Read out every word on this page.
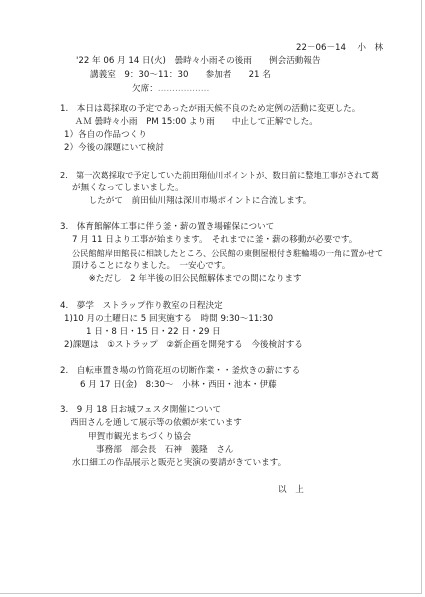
22－06－14　 小　林
'22 年 06 月 14 日(火)　曇時々小雨その後雨　　例会活動報告
講義室　9：30～11：30　　参加者　　21 名
欠席：………………
1.　本日は葛採取の予定であったが雨天候不良のため定例の活動に変更した。
　ＡＭ 曇時々小雨　PM 15:00 より雨　　中止して正解でした。
1）各自の作品つくり
2）今後の課題にいて検討
2.　第一次葛採取で予定していた前田翔仙川ポイントが、数日前に整地工事がされて葛
が無くなってしまいました。
　したがて　前田仙川翔は深川市場ポイントに合流します。
3.　体育館解体工事に伴う釜・薪の置き場確保について
7 月 11 日より工事が始まります。　それまでに釜・薪の移動が必要です。
公民館館岸田館長に相談したところ、公民館の東側屋根付き駐輪場の一角に置かせて
頂けることになりました。　一安心です。
　※ただし　2 年半後の旧公民館解体までの間になります
4.　夢学　ストラップ作り教室の日程決定
1)10 月の土曜日に 5 回実施する　時間 9:30～11:30
1 日・8 日・15 日・22 日・29 日
2)課題は　①ストラップ　②新企画を開発する　今後検討する
2.　自転車置き場の竹筒花垣の切断作業・・釜炊きの薪にする
6 月 17 日(金)　8:30～　小林・西田・池本・伊藤
3.　9 月 18 日お城フェスタ開催について
西田さんを通して展示等の依頼が来ています
甲賀市観光まちづくり協会
事務部　部会長　石神　義隆　さん
水口細工の作品展示と販売と実演の要請がきています。
以　上
